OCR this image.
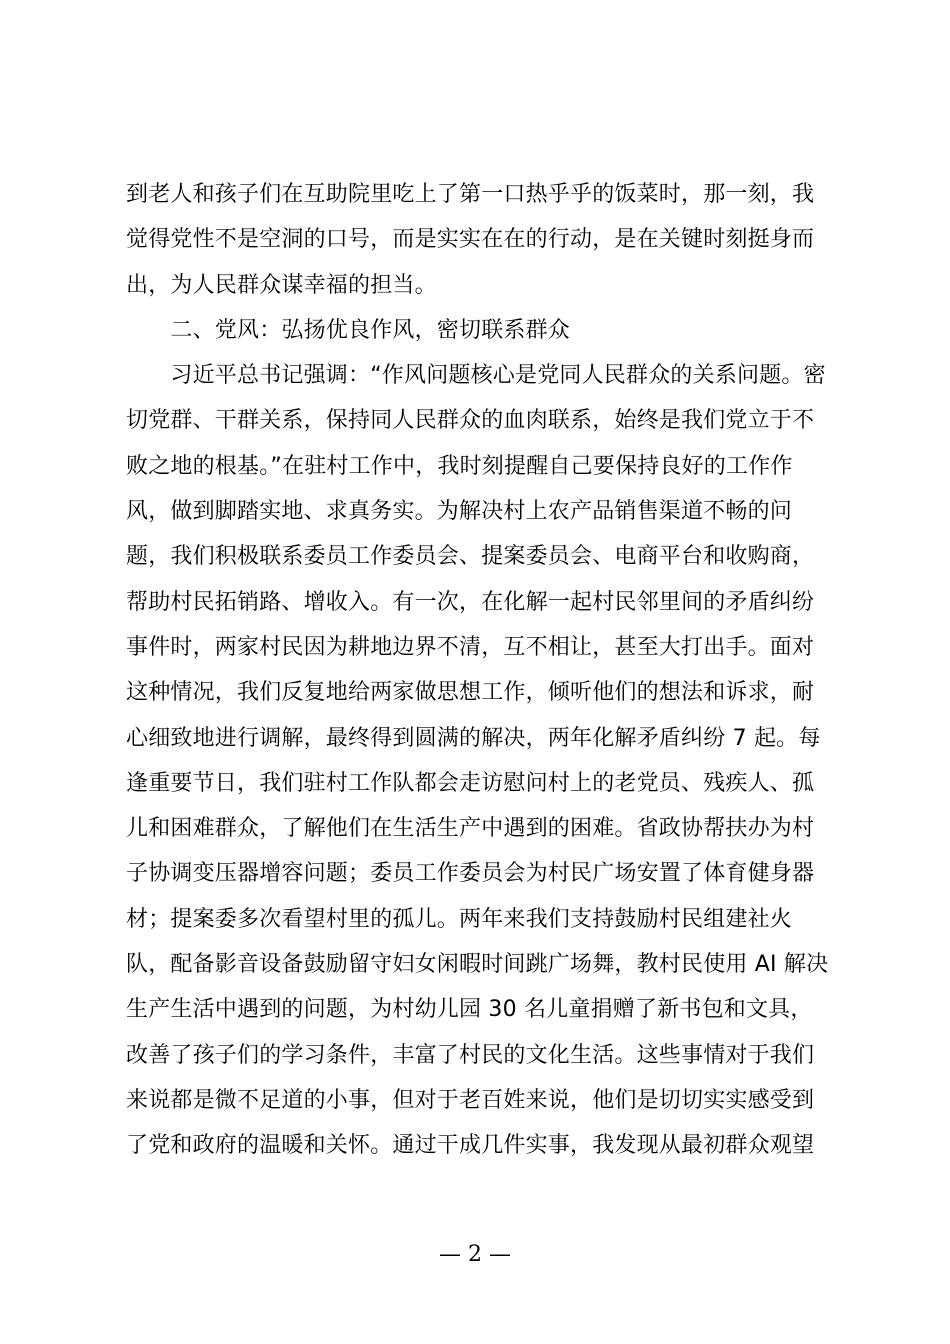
到老人和孩子们在互助院里吃上了第一口热乎乎的饭菜时，那一刻，我
觉得党性不是空洞的口号，而是实实在在的行动，是在关键时刻挺身而
出，为人民群众谋幸福的担当。
　　二、党风：弘扬优良作风，密切联系群众
　　习近平总书记强调：“作风问题核心是党同人民群众的关系问题。密
切党群、干群关系，保持同人民群众的血肉联系，始终是我们党立于不
败之地的根基。”在驻村工作中，我时刻提醒自己要保持良好的工作作
风，做到脚踏实地、求真务实。为解决村上农产品销售渠道不畅的问
题，我们积极联系委员工作委员会、提案委员会、电商平台和收购商，
帮助村民拓销路、增收入。有一次，在化解一起村民邻里间的矛盾纠纷
事件时，两家村民因为耕地边界不清，互不相让，甚至大打出手。面对
这种情况，我们反复地给两家做思想工作，倾听他们的想法和诉求，耐
心细致地进行调解，最终得到圆满的解决，两年化解矛盾纠纷 7 起。每
逢重要节日，我们驻村工作队都会走访慰问村上的老党员、残疾人、孤
儿和困难群众，了解他们在生活生产中遇到的困难。省政协帮扶办为村
子协调变压器增容问题；委员工作委员会为村民广场安置了体育健身器
材；提案委多次看望村里的孤儿。两年来我们支持鼓励村民组建社火
队，配备影音设备鼓励留守妇女闲暇时间跳广场舞，教村民使用 AI 解决
生产生活中遇到的问题，为村幼儿园 30 名儿童捐赠了新书包和文具，
改善了孩子们的学习条件，丰富了村民的文化生活。这些事情对于我们
来说都是微不足道的小事，但对于老百姓来说，他们是切切实实感受到
了党和政府的温暖和关怀。通过干成几件实事，我发现从最初群众观望
— 2 —
